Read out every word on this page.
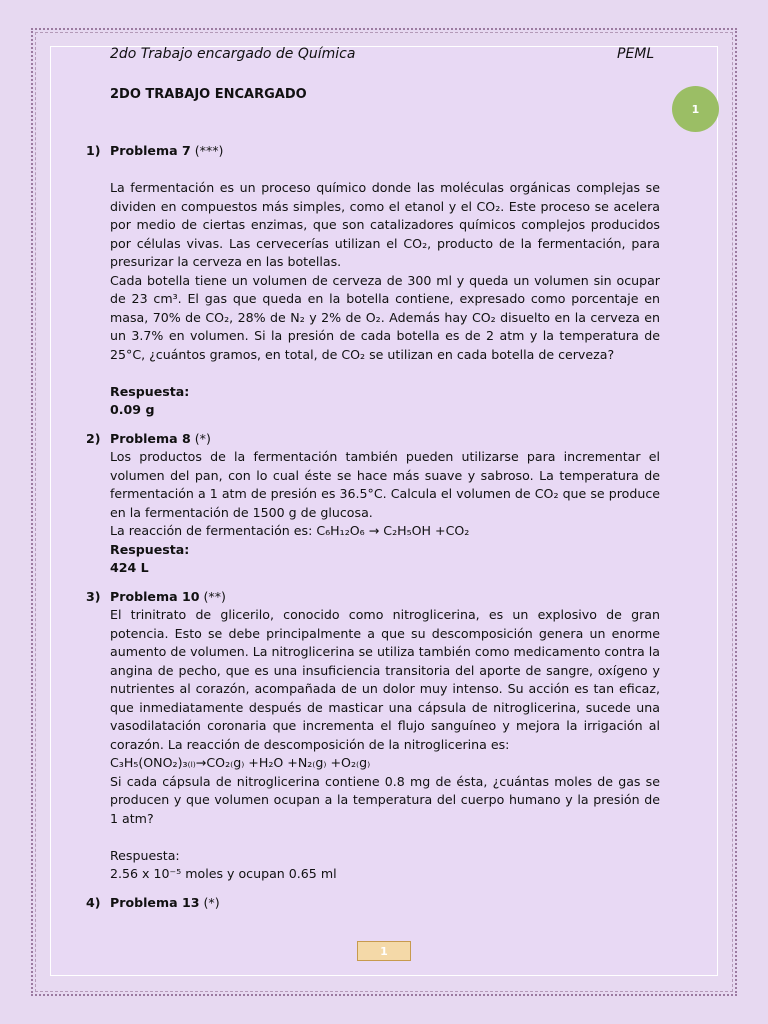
2do Trabajo encargado de Química	PEML
1
2DO TRABAJO ENCARGADO
1) Problema 7 (***)
La fermentación es un proceso químico donde las moléculas orgánicas complejas se dividen en compuestos más simples, como el etanol y el CO₂. Este proceso se acelera por medio de ciertas enzimas, que son catalizadores químicos complejos producidos por células vivas. Las cervecerías utilizan el CO₂, producto de la fermentación, para presurizar la cerveza en las botellas.
Cada botella tiene un volumen de cerveza de 300 ml y queda un volumen sin ocupar de 23 cm³. El gas que queda en la botella contiene, expresado como porcentaje en masa, 70% de CO₂, 28% de N₂ y 2% de O₂. Además hay CO₂ disuelto en la cerveza en un 3.7% en volumen. Si la presión de cada botella es de 2 atm y la temperatura de 25°C, ¿cuántos gramos, en total, de CO₂ se utilizan en cada botella de cerveza?
Respuesta:
0.09 g
2) Problema 8 (*)
Los productos de la fermentación también pueden utilizarse para incrementar el volumen del pan, con lo cual éste se hace más suave y sabroso. La temperatura de fermentación a 1 atm de presión es 36.5°C. Calcula el volumen de CO₂ que se produce en la fermentación de 1500 g de glucosa.
La reacción de fermentación es: C₆H₁₂O₆ → C₂H₅OH +CO₂
Respuesta:
424 L
3) Problema 10 (**)
El trinitrato de glicerilo, conocido como nitroglicerina, es un explosivo de gran potencia. Esto se debe principalmente a que su descomposición genera un enorme aumento de volumen. La nitroglicerina se utiliza también como medicamento contra la angina de pecho, que es una insuficiencia transitoria del aporte de sangre, oxígeno y nutrientes al corazón, acompañada de un dolor muy intenso. Su acción es tan eficaz, que inmediatamente después de masticar una cápsula de nitroglicerina, sucede una vasodilatación coronaria que incrementa el flujo sanguíneo y mejora la irrigación al corazón. La reacción de descomposición de la nitroglicerina es:
C₃H₅(ONO₂)₃₍ₗ₎→CO₂₍g₎ +H₂O +N₂₍g₎ +O₂₍g₎
Si cada cápsula de nitroglicerina contiene 0.8 mg de ésta, ¿cuántas moles de gas se producen y que volumen ocupan a la temperatura del cuerpo humano y la presión de 1 atm?
Respuesta:
2.56 x 10⁻⁵ moles y ocupan 0.65 ml
4) Problema 13 (*)
1
